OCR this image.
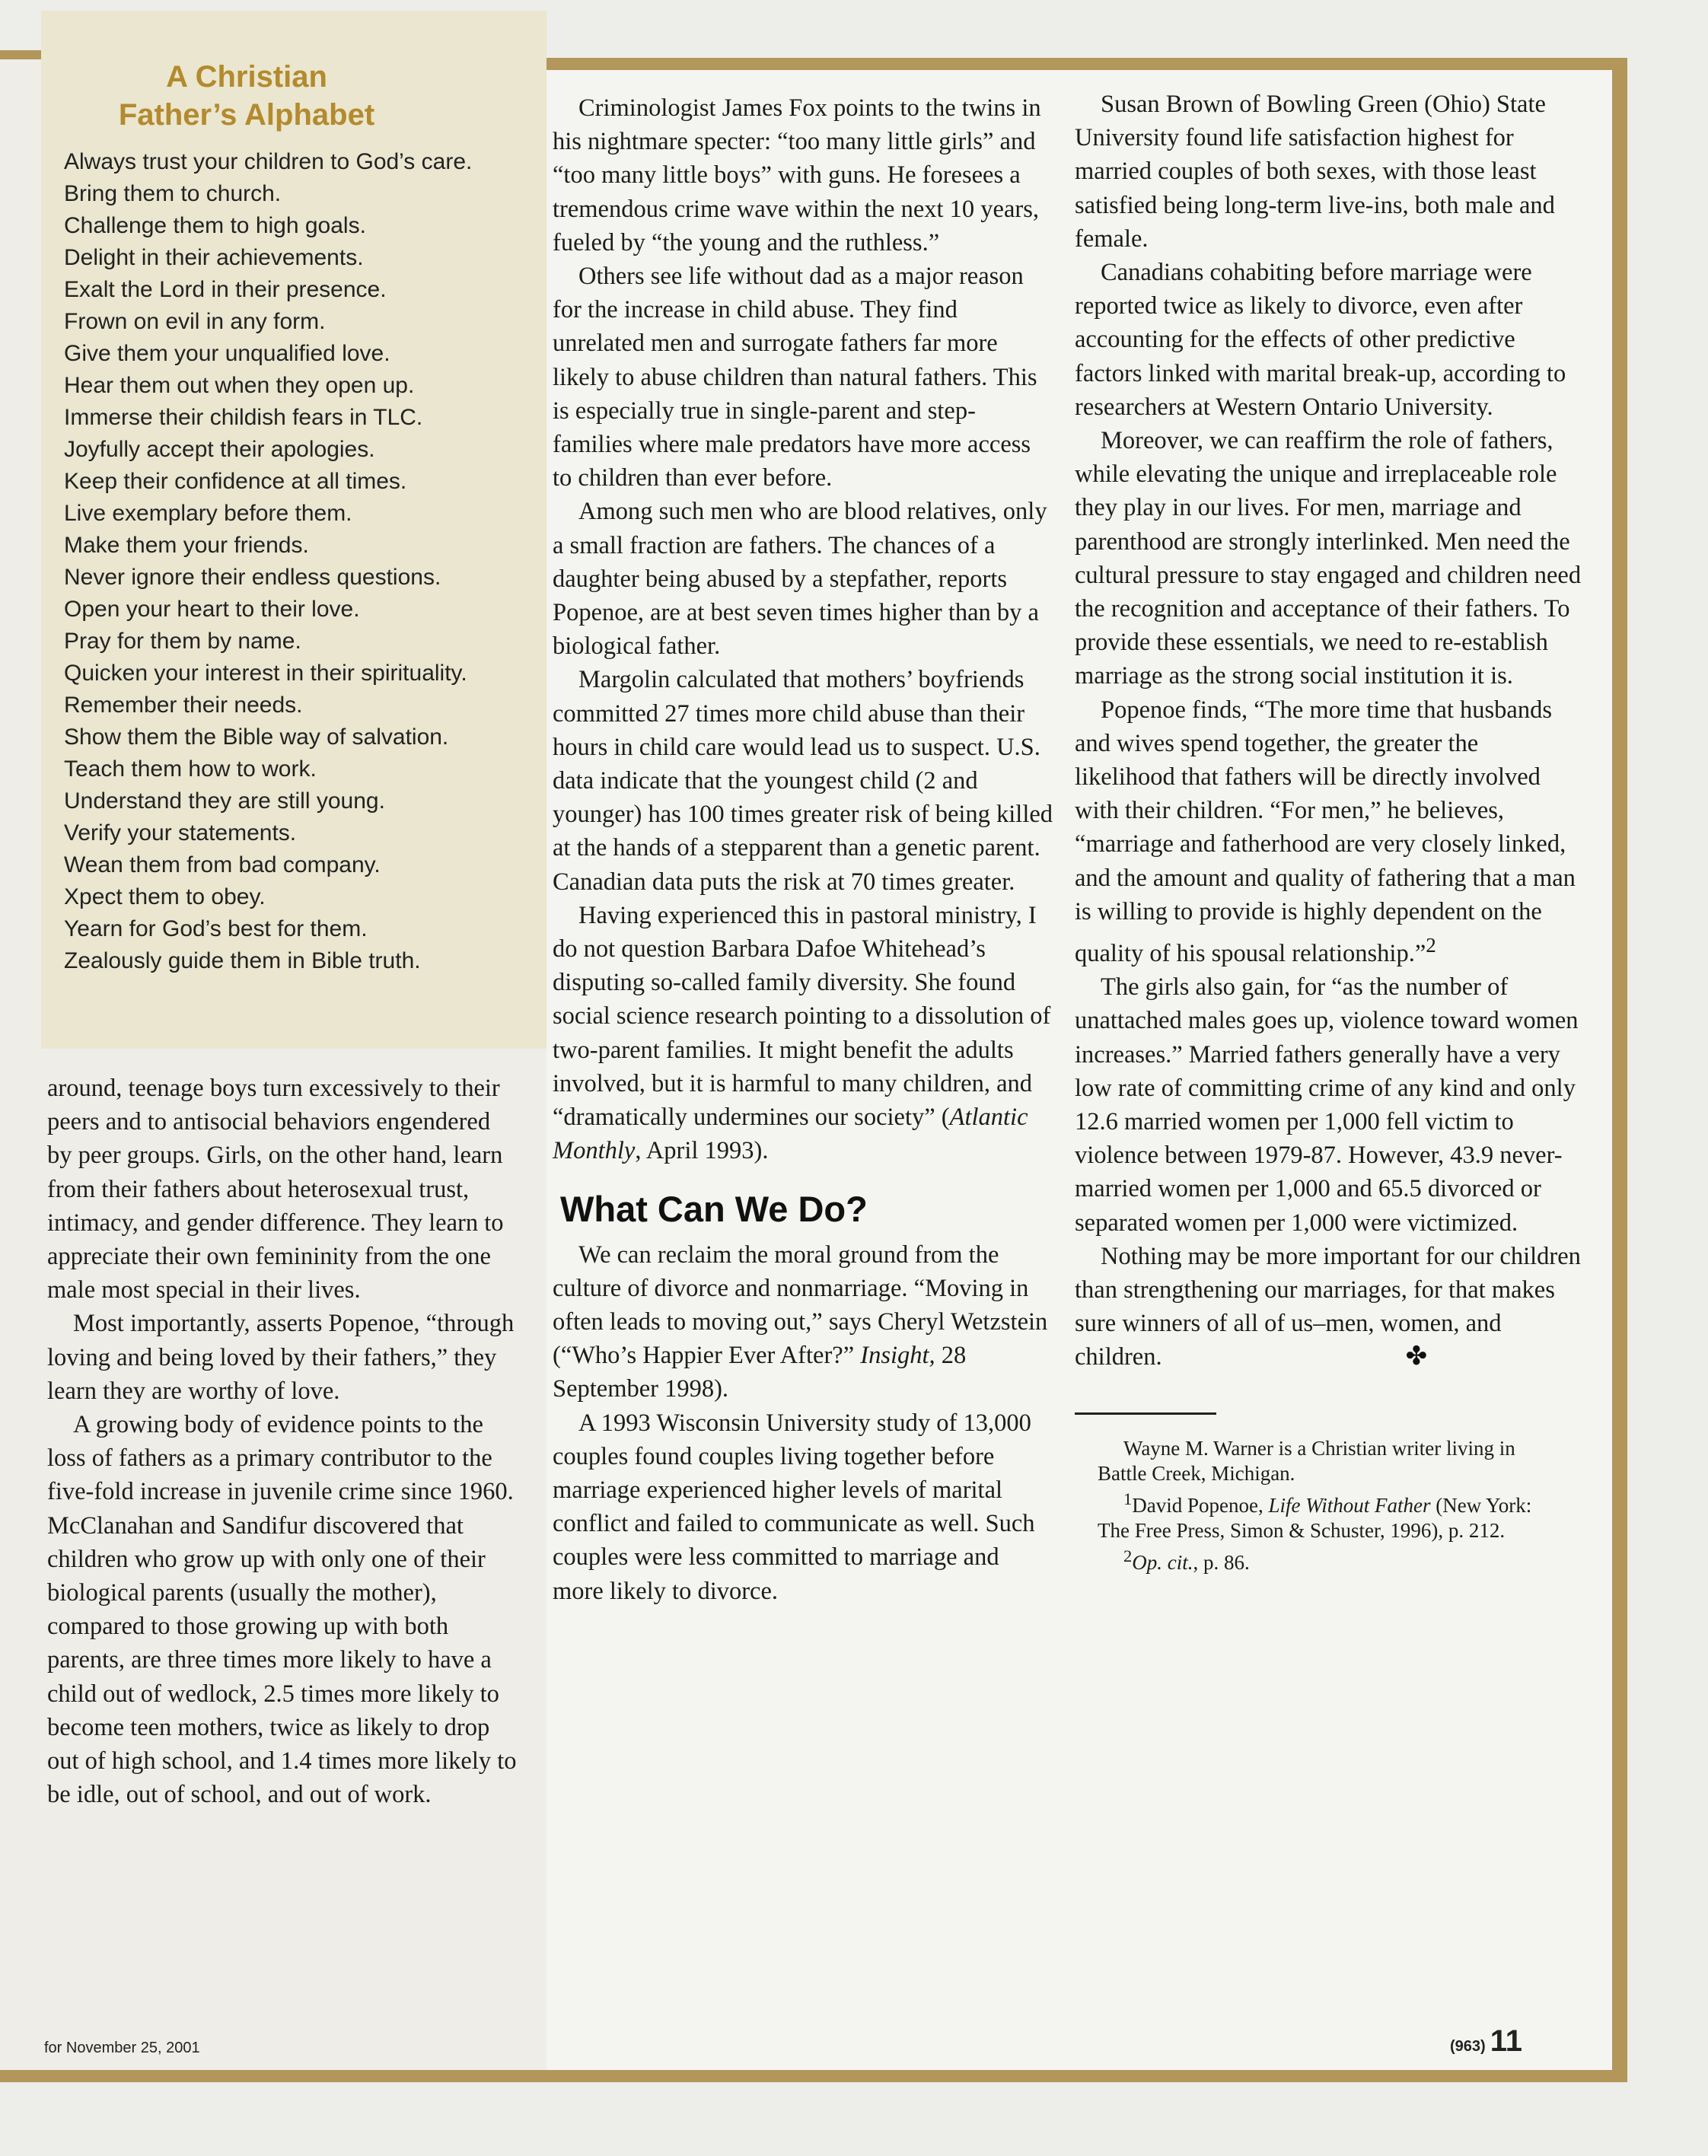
A Christian
Father’s Alphabet
Always trust your children to God’s care.
Bring them to church.
Challenge them to high goals.
Delight in their achievements.
Exalt the Lord in their presence.
Frown on evil in any form.
Give them your unqualified love.
Hear them out when they open up.
Immerse their childish fears in TLC.
Joyfully accept their apologies.
Keep their confidence at all times.
Live exemplary before them.
Make them your friends.
Never ignore their endless questions.
Open your heart to their love.
Pray for them by name.
Quicken your interest in their spirituality.
Remember their needs.
Show them the Bible way of salvation.
Teach them how to work.
Understand they are still young.
Verify your statements.
Wean them from bad company.
Xpect them to obey.
Yearn for God’s best for them.
Zealously guide them in Bible truth.

around, teenage boys turn excessively to their peers and to antisocial behaviors engendered by peer groups. Girls, on the other hand, learn from their fathers about heterosexual trust, intimacy, and gender difference. They learn to appreciate their own femininity from the one male most special in their lives.

Most importantly, asserts Popenoe, “through loving and being loved by their fathers,” they learn they are worthy of love.

A growing body of evidence points to the loss of fathers as a primary contributor to the five-fold increase in juvenile crime since 1960. McClanahan and Sandifur discovered that children who grow up with only one of their biological parents (usually the mother), compared to those growing up with both parents, are three times more likely to have a child out of wedlock, 2.5 times more likely to become teen mothers, twice as likely to drop out of high school, and 1.4 times more likely to be idle, out of school, and out of work.

Criminologist James Fox points to the twins in his nightmare specter: “too many little girls” and “too many little boys” with guns. He foresees a tremendous crime wave within the next 10 years, fueled by “the young and the ruthless.”

Others see life without dad as a major reason for the increase in child abuse. They find unrelated men and surrogate fathers far more likely to abuse children than natural fathers. This is especially true in single-parent and step-families where male predators have more access to children than ever before.

Among such men who are blood relatives, only a small fraction are fathers. The chances of a daughter being abused by a stepfather, reports Popenoe, are at best seven times higher than by a biological father.

Margolin calculated that mothers’ boyfriends committed 27 times more child abuse than their hours in child care would lead us to suspect. U.S. data indicate that the youngest child (2 and younger) has 100 times greater risk of being killed at the hands of a stepparent than a genetic parent. Canadian data puts the risk at 70 times greater.

Having experienced this in pastoral ministry, I do not question Barbara Dafoe Whitehead’s disputing so-called family diversity. She found social science research pointing to a dissolution of two-parent families. It might benefit the adults involved, but it is harmful to many children, and “dramatically undermines our society” (Atlantic Monthly, April 1993).

What Can We Do?

We can reclaim the moral ground from the culture of divorce and nonmarriage. “Moving in often leads to moving out,” says Cheryl Wetzstein (“Who’s Happier Ever After?” Insight, 28 September 1998).

A 1993 Wisconsin University study of 13,000 couples found couples living together before marriage experienced higher levels of marital conflict and failed to communicate as well. Such couples were less committed to marriage and more likely to divorce.

Susan Brown of Bowling Green (Ohio) State University found life satisfaction highest for married couples of both sexes, with those least satisfied being long-term live-ins, both male and female.

Canadians cohabiting before marriage were reported twice as likely to divorce, even after accounting for the effects of other predictive factors linked with marital break-up, according to researchers at Western Ontario University.

Moreover, we can reaffirm the role of fathers, while elevating the unique and irreplaceable role they play in our lives. For men, marriage and parenthood are strongly interlinked. Men need the cultural pressure to stay engaged and children need the recognition and acceptance of their fathers. To provide these essentials, we need to re-establish marriage as the strong social institution it is.

Popenoe finds, “The more time that husbands and wives spend together, the greater the likelihood that fathers will be directly involved with their children. “For men,” he believes, “marriage and fatherhood are very closely linked, and the amount and quality of fathering that a man is willing to provide is highly dependent on the quality of his spousal relationship.”$^2$

The girls also gain, for “as the number of unattached males goes up, violence toward women increases.” Married fathers generally have a very low rate of committing crime of any kind and only 12.6 married women per 1,000 fell victim to violence between 1979-87. However, 43.9 never-married women per 1,000 and 65.5 divorced or separated women per 1,000 were victimized.

Nothing may be more important for our children than strengthening our marriages, for that makes sure winners of all of us–men, women, and children.	✤

Wayne M. Warner is a Christian writer living in Battle Creek, Michigan.

$^1$David Popenoe, Life Without Father (New York: The Free Press, Simon & Schuster, 1996), p. 212.

$^2$Op. cit., p. 86.

for November 25, 2001	(963) 11
